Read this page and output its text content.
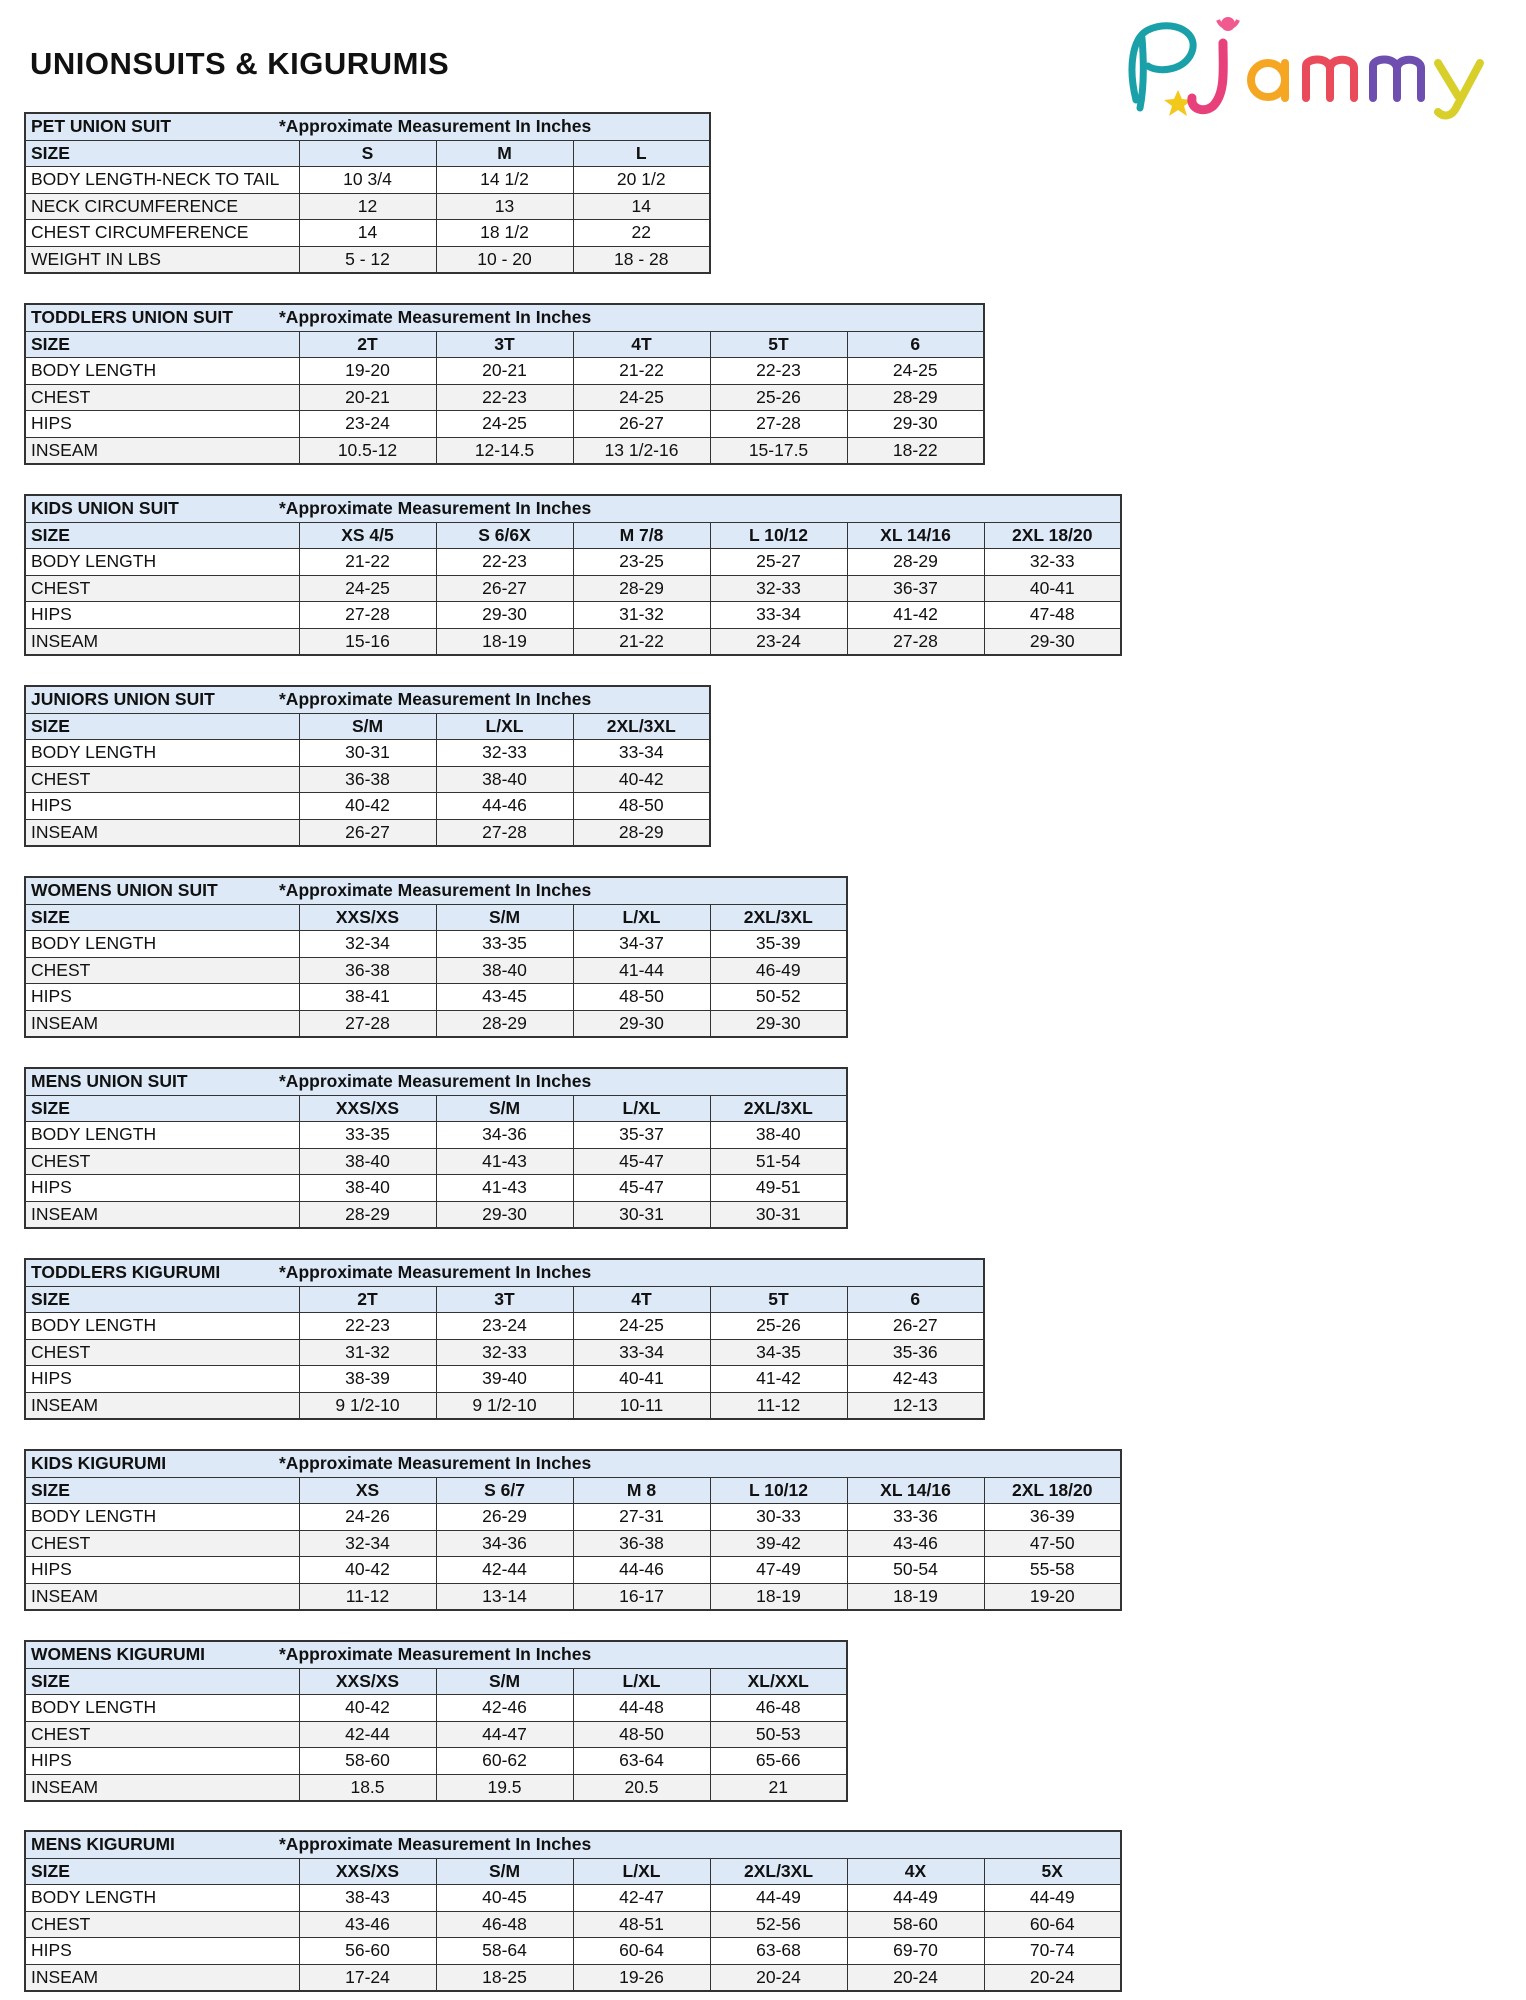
UNIONSUITS & KIGURUMIS
PET UNION SUIT *Approximate Measurement In Inches			
SIZE	S	M	L
BODY LENGTH-NECK TO TAIL	10 3/4	14 1/2	20 1/2
NECK CIRCUMFERENCE	12	13	14
CHEST CIRCUMFERENCE	14	18 1/2	22
WEIGHT IN LBS	5 - 12	10 - 20	18 - 28
TODDLERS UNION SUIT *Approximate Measurement In Inches					
SIZE	2T	3T	4T	5T	6
BODY LENGTH	19-20	20-21	21-22	22-23	24-25
CHEST	20-21	22-23	24-25	25-26	28-29
HIPS	23-24	24-25	26-27	27-28	29-30
INSEAM	10.5-12	12-14.5	13 1/2-16	15-17.5	18-22
KIDS UNION SUIT *Approximate Measurement In Inches						
SIZE	XS 4/5	S 6/6X	M 7/8	L 10/12	XL 14/16	2XL 18/20
BODY LENGTH	21-22	22-23	23-25	25-27	28-29	32-33
CHEST	24-25	26-27	28-29	32-33	36-37	40-41
HIPS	27-28	29-30	31-32	33-34	41-42	47-48
INSEAM	15-16	18-19	21-22	23-24	27-28	29-30
JUNIORS UNION SUIT *Approximate Measurement In Inches			
SIZE	S/M	L/XL	2XL/3XL
BODY LENGTH	30-31	32-33	33-34
CHEST	36-38	38-40	40-42
HIPS	40-42	44-46	48-50
INSEAM	26-27	27-28	28-29
WOMENS UNION SUIT *Approximate Measurement In Inches				
SIZE	XXS/XS	S/M	L/XL	2XL/3XL
BODY LENGTH	32-34	33-35	34-37	35-39
CHEST	36-38	38-40	41-44	46-49
HIPS	38-41	43-45	48-50	50-52
INSEAM	27-28	28-29	29-30	29-30
MENS UNION SUIT *Approximate Measurement In Inches				
SIZE	XXS/XS	S/M	L/XL	2XL/3XL
BODY LENGTH	33-35	34-36	35-37	38-40
CHEST	38-40	41-43	45-47	51-54
HIPS	38-40	41-43	45-47	49-51
INSEAM	28-29	29-30	30-31	30-31
TODDLERS KIGURUMI *Approximate Measurement In Inches					
SIZE	2T	3T	4T	5T	6
BODY LENGTH	22-23	23-24	24-25	25-26	26-27
CHEST	31-32	32-33	33-34	34-35	35-36
HIPS	38-39	39-40	40-41	41-42	42-43
INSEAM	9 1/2-10	9 1/2-10	10-11	11-12	12-13
KIDS KIGURUMI *Approximate Measurement In Inches						
SIZE	XS	S 6/7	M 8	L 10/12	XL 14/16	2XL 18/20
BODY LENGTH	24-26	26-29	27-31	30-33	33-36	36-39
CHEST	32-34	34-36	36-38	39-42	43-46	47-50
HIPS	40-42	42-44	44-46	47-49	50-54	55-58
INSEAM	11-12	13-14	16-17	18-19	18-19	19-20
WOMENS KIGURUMI *Approximate Measurement In Inches				
SIZE	XXS/XS	S/M	L/XL	XL/XXL
BODY LENGTH	40-42	42-46	44-48	46-48
CHEST	42-44	44-47	48-50	50-53
HIPS	58-60	60-62	63-64	65-66
INSEAM	18.5	19.5	20.5	21
MENS KIGURUMI *Approximate Measurement In Inches						
SIZE	XXS/XS	S/M	L/XL	2XL/3XL	4X	5X
BODY LENGTH	38-43	40-45	42-47	44-49	44-49	44-49
CHEST	43-46	46-48	48-51	52-56	58-60	60-64
HIPS	56-60	58-64	60-64	63-68	69-70	70-74
INSEAM	17-24	18-25	19-26	20-24	20-24	20-24
